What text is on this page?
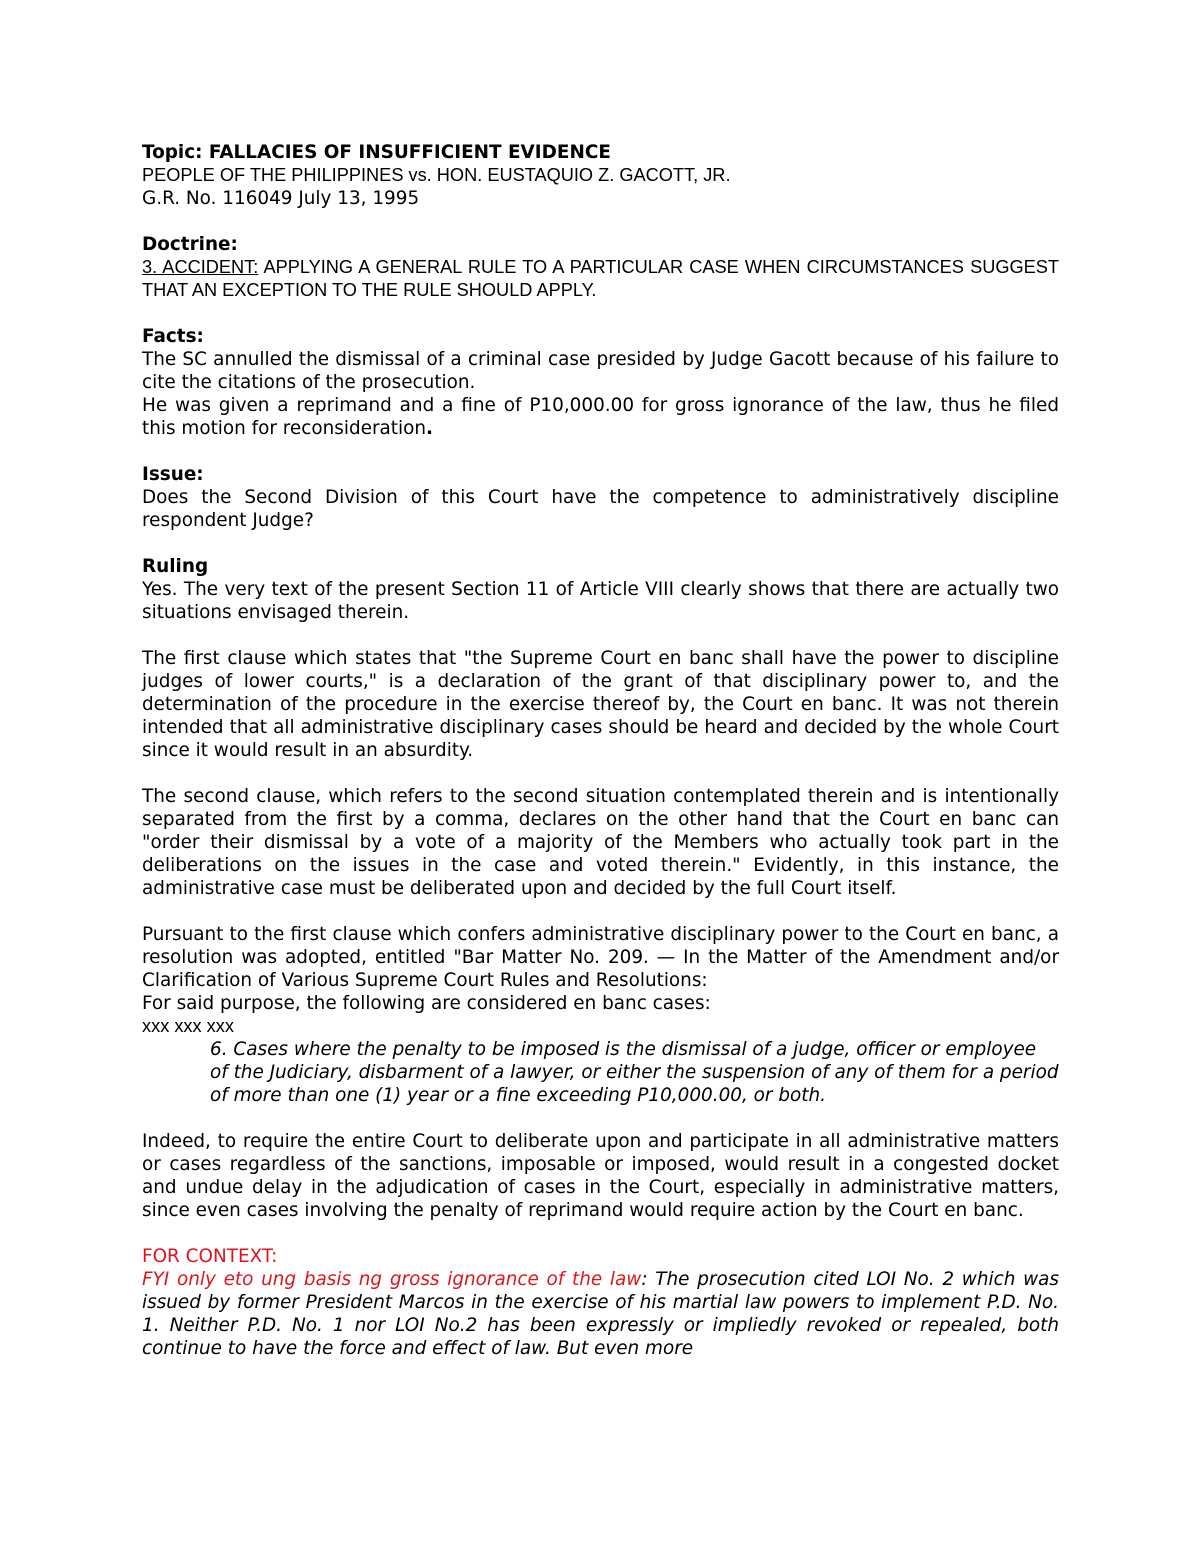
Topic: FALLACIES OF INSUFFICIENT EVIDENCE

PEOPLE OF THE PHILIPPINES vs. HON. EUSTAQUIO Z. GACOTT, JR.

G.R. No. 116049 July 13, 1995

Doctrine:

3. ACCIDENT: APPLYING A GENERAL RULE TO A PARTICULAR CASE WHEN CIRCUMSTANCES SUGGEST THAT AN EXCEPTION TO THE RULE SHOULD APPLY.

Facts:

The SC annulled the dismissal of a criminal case presided by Judge Gacott because of his failure to cite the citations of the prosecution.

He was given a reprimand and a fine of P10,000.00 for gross ignorance of the law, thus he filed this motion for reconsideration.

Issue:

Does the Second Division of this Court have the competence to administratively discipline respondent Judge?

Ruling

Yes. The very text of the present Section 11 of Article VIII clearly shows that there are actually two situations envisaged therein.

The first clause which states that "the Supreme Court en banc shall have the power to discipline judges of lower courts," is a declaration of the grant of that disciplinary power to, and the determination of the procedure in the exercise thereof by, the Court en banc. It was not therein intended that all administrative disciplinary cases should be heard and decided by the whole Court since it would result in an absurdity.

The second clause, which refers to the second situation contemplated therein and is intentionally separated from the first by a comma, declares on the other hand that the Court en banc can "order their dismissal by a vote of a majority of the Members who actually took part in the deliberations on the issues in the case and voted therein." Evidently, in this instance, the administrative case must be deliberated upon and decided by the full Court itself.

Pursuant to the first clause which confers administrative disciplinary power to the Court en banc, a resolution was adopted, entitled "Bar Matter No. 209. — In the Matter of the Amendment and/or Clarification of Various Supreme Court Rules and Resolutions:

For said purpose, the following are considered en banc cases:

xxx xxx xxx

6. Cases where the penalty to be imposed is the dismissal of a judge, officer or employee of the Judiciary, disbarment of a lawyer, or either the suspension of any of them for a period of more than one (1) year or a fine exceeding P10,000.00, or both.

Indeed, to require the entire Court to deliberate upon and participate in all administrative matters or cases regardless of the sanctions, imposable or imposed, would result in a congested docket and undue delay in the adjudication of cases in the Court, especially in administrative matters, since even cases involving the penalty of reprimand would require action by the Court en banc.

FOR CONTEXT:

FYI only eto ung basis ng gross ignorance of the law: The prosecution cited LOI No. 2 which was issued by former President Marcos in the exercise of his martial law powers to implement P.D. No. 1. Neither P.D. No. 1 nor LOI No.2 has been expressly or impliedly revoked or repealed, both continue to have the force and effect of law. But even more
